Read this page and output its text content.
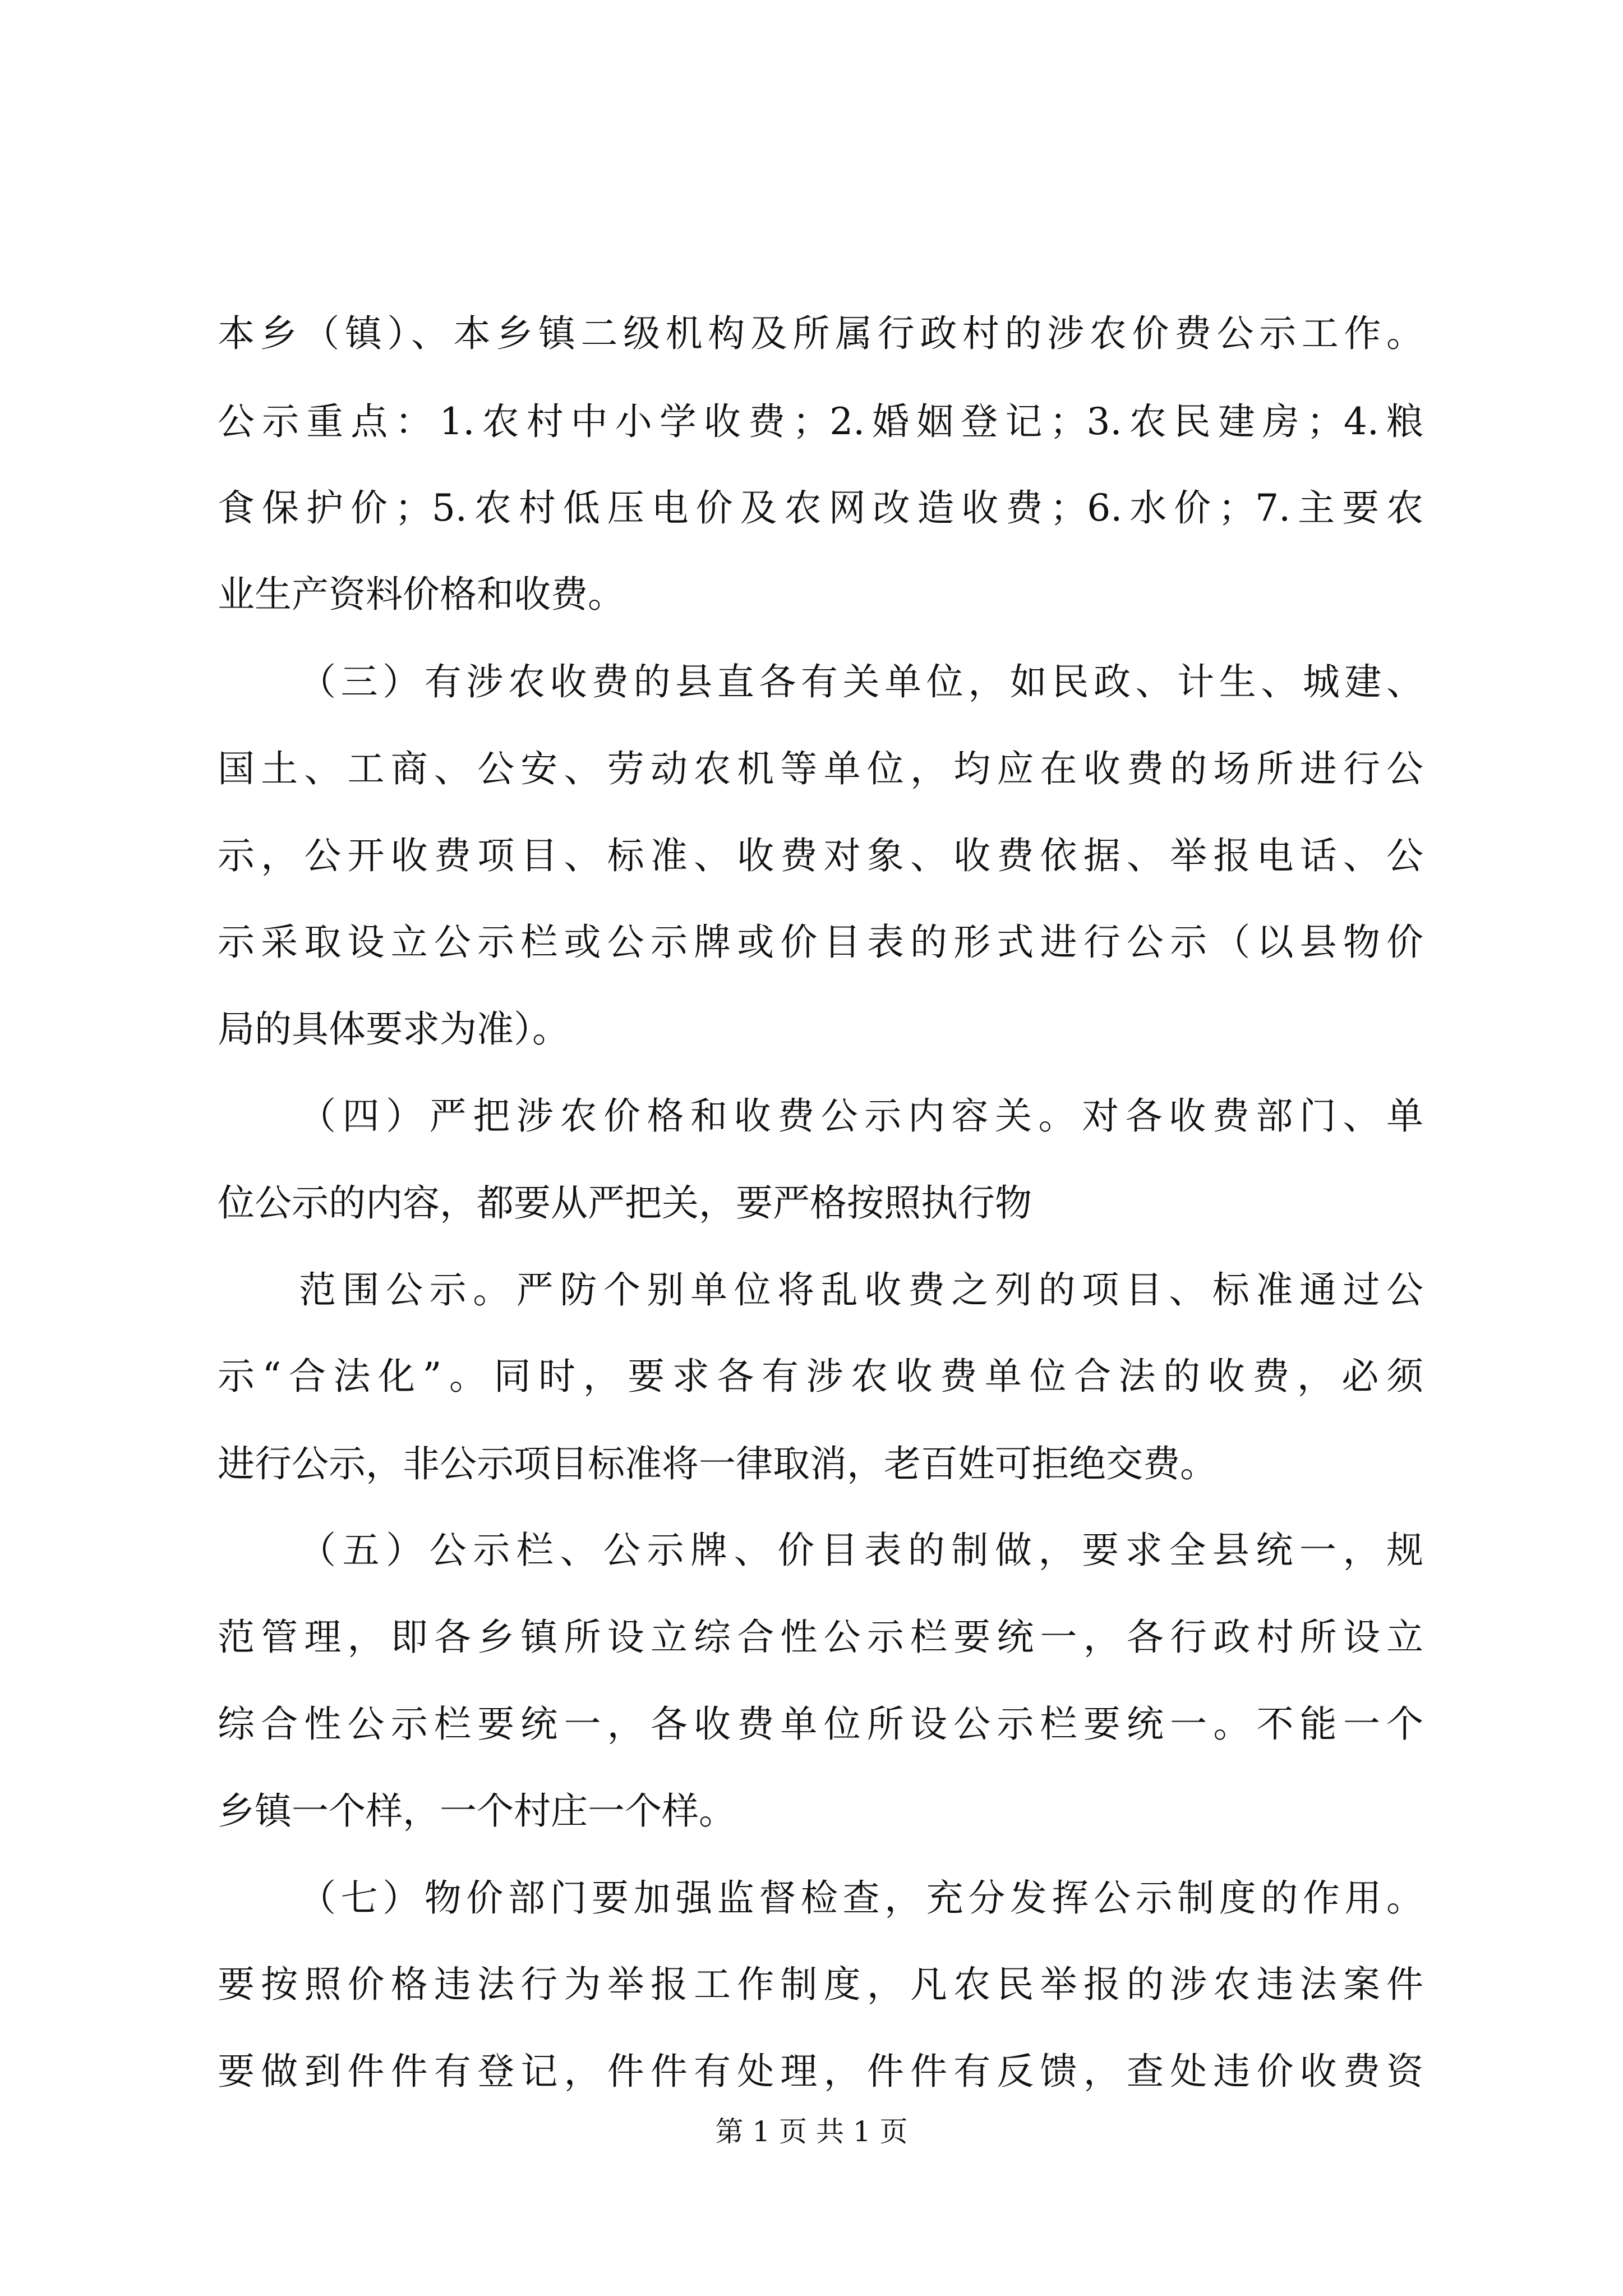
本乡（镇）、本乡镇二级机构及所属行政村的涉农价费公示工作。
公示重点：1.农村中小学收费；2.婚姻登记；3.农民建房；4.粮
食保护价；5.农村低压电价及农网改造收费；6.水价；7.主要农
业生产资料价格和收费。
（三）有涉农收费的县直各有关单位，如民政、计生、城建、
国土、工商、公安、劳动农机等单位，均应在收费的场所进行公
示，公开收费项目、标准、收费对象、收费依据、举报电话、公
示采取设立公示栏或公示牌或价目表的形式进行公示（以县物价
局的具体要求为准）。
（四）严把涉农价格和收费公示内容关。对各收费部门、单
位公示的内容，都要从严把关，要严格按照执行物
范围公示。严防个别单位将乱收费之列的项目、标准通过公
示“合法化”。同时，要求各有涉农收费单位合法的收费，必须
进行公示，非公示项目标准将一律取消，老百姓可拒绝交费。
（五）公示栏、公示牌、价目表的制做，要求全县统一，规
范管理，即各乡镇所设立综合性公示栏要统一，各行政村所设立
综合性公示栏要统一，各收费单位所设公示栏要统一。不能一个
乡镇一个样，一个村庄一个样。
（七）物价部门要加强监督检查，充分发挥公示制度的作用。
要按照价格违法行为举报工作制度，凡农民举报的涉农违法案件
要做到件件有登记，件件有处理，件件有反馈，查处违价收费资
第 1 页 共 1 页
